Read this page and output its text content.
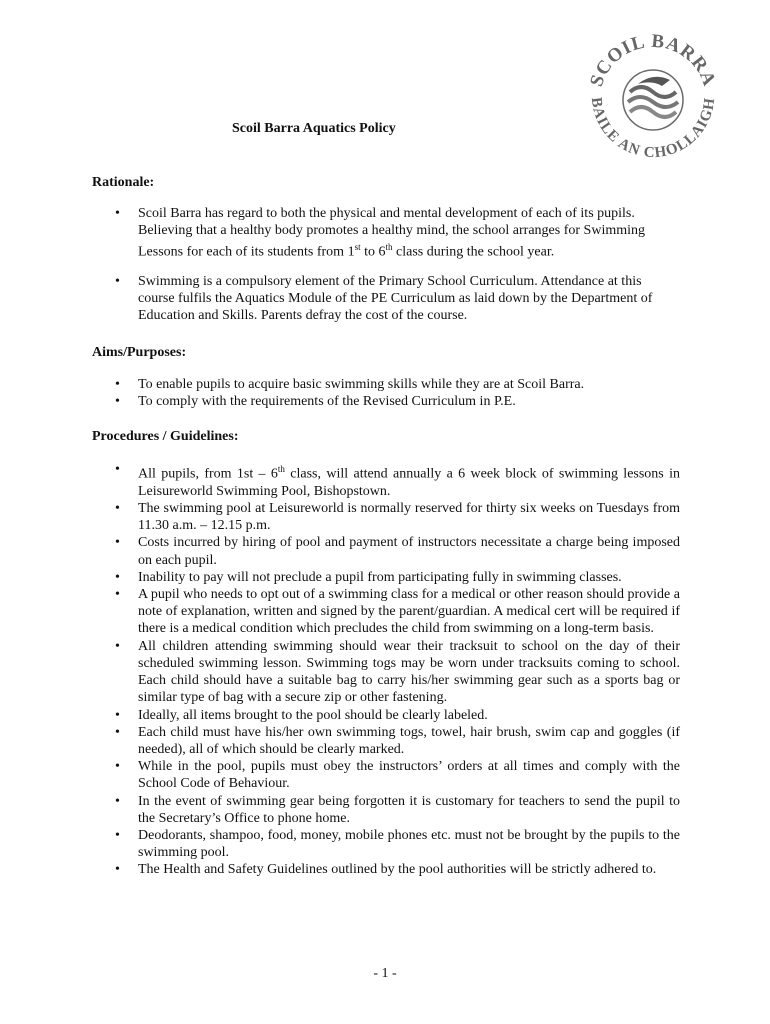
SCOIL BARRA
BAILE AN CHOLLAIGH
Scoil Barra Aquatics Policy
Rationale:
• Scoil Barra has regard to both the physical and mental development of each of its pupils. Believing that a healthy body promotes a healthy mind, the school arranges for Swimming Lessons for each of its students from 1st to 6th class during the school year.
• Swimming is a compulsory element of the Primary School Curriculum. Attendance at this course fulfils the Aquatics Module of the PE Curriculum as laid down by the Department of Education and Skills. Parents defray the cost of the course.
Aims/Purposes:
• To enable pupils to acquire basic swimming skills while they are at Scoil Barra.
• To comply with the requirements of the Revised Curriculum in P.E.
Procedures / Guidelines:
• All pupils, from 1st – 6th class, will attend annually a 6 week block of swimming lessons in Leisureworld Swimming Pool, Bishopstown.
• The swimming pool at Leisureworld is normally reserved for thirty six weeks on Tuesdays from 11.30 a.m. – 12.15 p.m.
• Costs incurred by hiring of pool and payment of instructors necessitate a charge being imposed on each pupil.
• Inability to pay will not preclude a pupil from participating fully in swimming classes.
• A pupil who needs to opt out of a swimming class for a medical or other reason should provide a note of explanation, written and signed by the parent/guardian. A medical cert will be required if there is a medical condition which precludes the child from swimming on a long-term basis.
• All children attending swimming should wear their tracksuit to school on the day of their scheduled swimming lesson. Swimming togs may be worn under tracksuits coming to school. Each child should have a suitable bag to carry his/her swimming gear such as a sports bag or similar type of bag with a secure zip or other fastening.
• Ideally, all items brought to the pool should be clearly labeled.
• Each child must have his/her own swimming togs, towel, hair brush, swim cap and goggles (if needed), all of which should be clearly marked.
• While in the pool, pupils must obey the instructors’ orders at all times and comply with the School Code of Behaviour.
• In the event of swimming gear being forgotten it is customary for teachers to send the pupil to the Secretary’s Office to phone home.
• Deodorants, shampoo, food, money, mobile phones etc. must not be brought by the pupils to the swimming pool.
• The Health and Safety Guidelines outlined by the pool authorities will be strictly adhered to.
- 1 -
